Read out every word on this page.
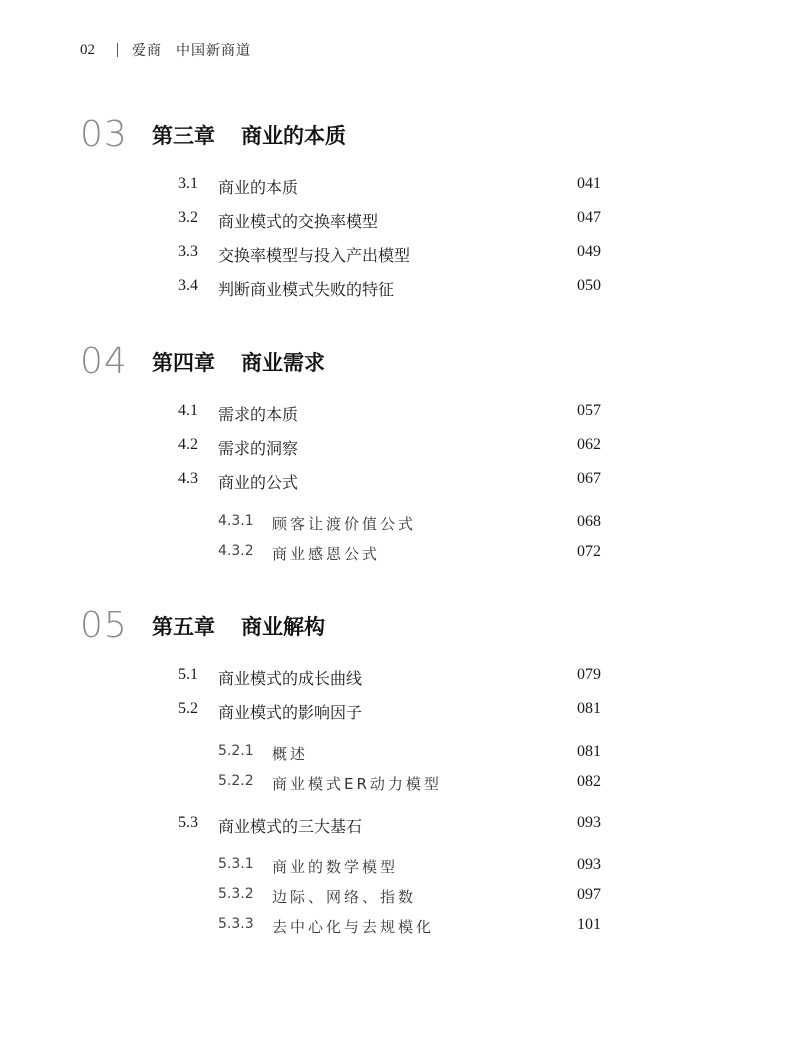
02	爱商 中国新商道
03	第三章 商业的本质
3.1 商业的本质	041
3.2 商业模式的交换率模型	047
3.3 交换率模型与投入产出模型	049
3.4 判断商业模式失败的特征	050
04	第四章 商业需求
4.1 需求的本质	057
4.2 需求的洞察	062
4.3 商业的公式	067
4.3.1 顾客让渡价值公式	068
4.3.2 商业感恩公式	072
05	第五章 商业解构
5.1 商业模式的成长曲线	079
5.2 商业模式的影响因子	081
5.2.1 概述	081
5.2.2 商业模式ER动力模型	082
5.3 商业模式的三大基石	093
5.3.1 商业的数学模型	093
5.3.2 边际、网络、指数	097
5.3.3 去中心化与去规模化	101
